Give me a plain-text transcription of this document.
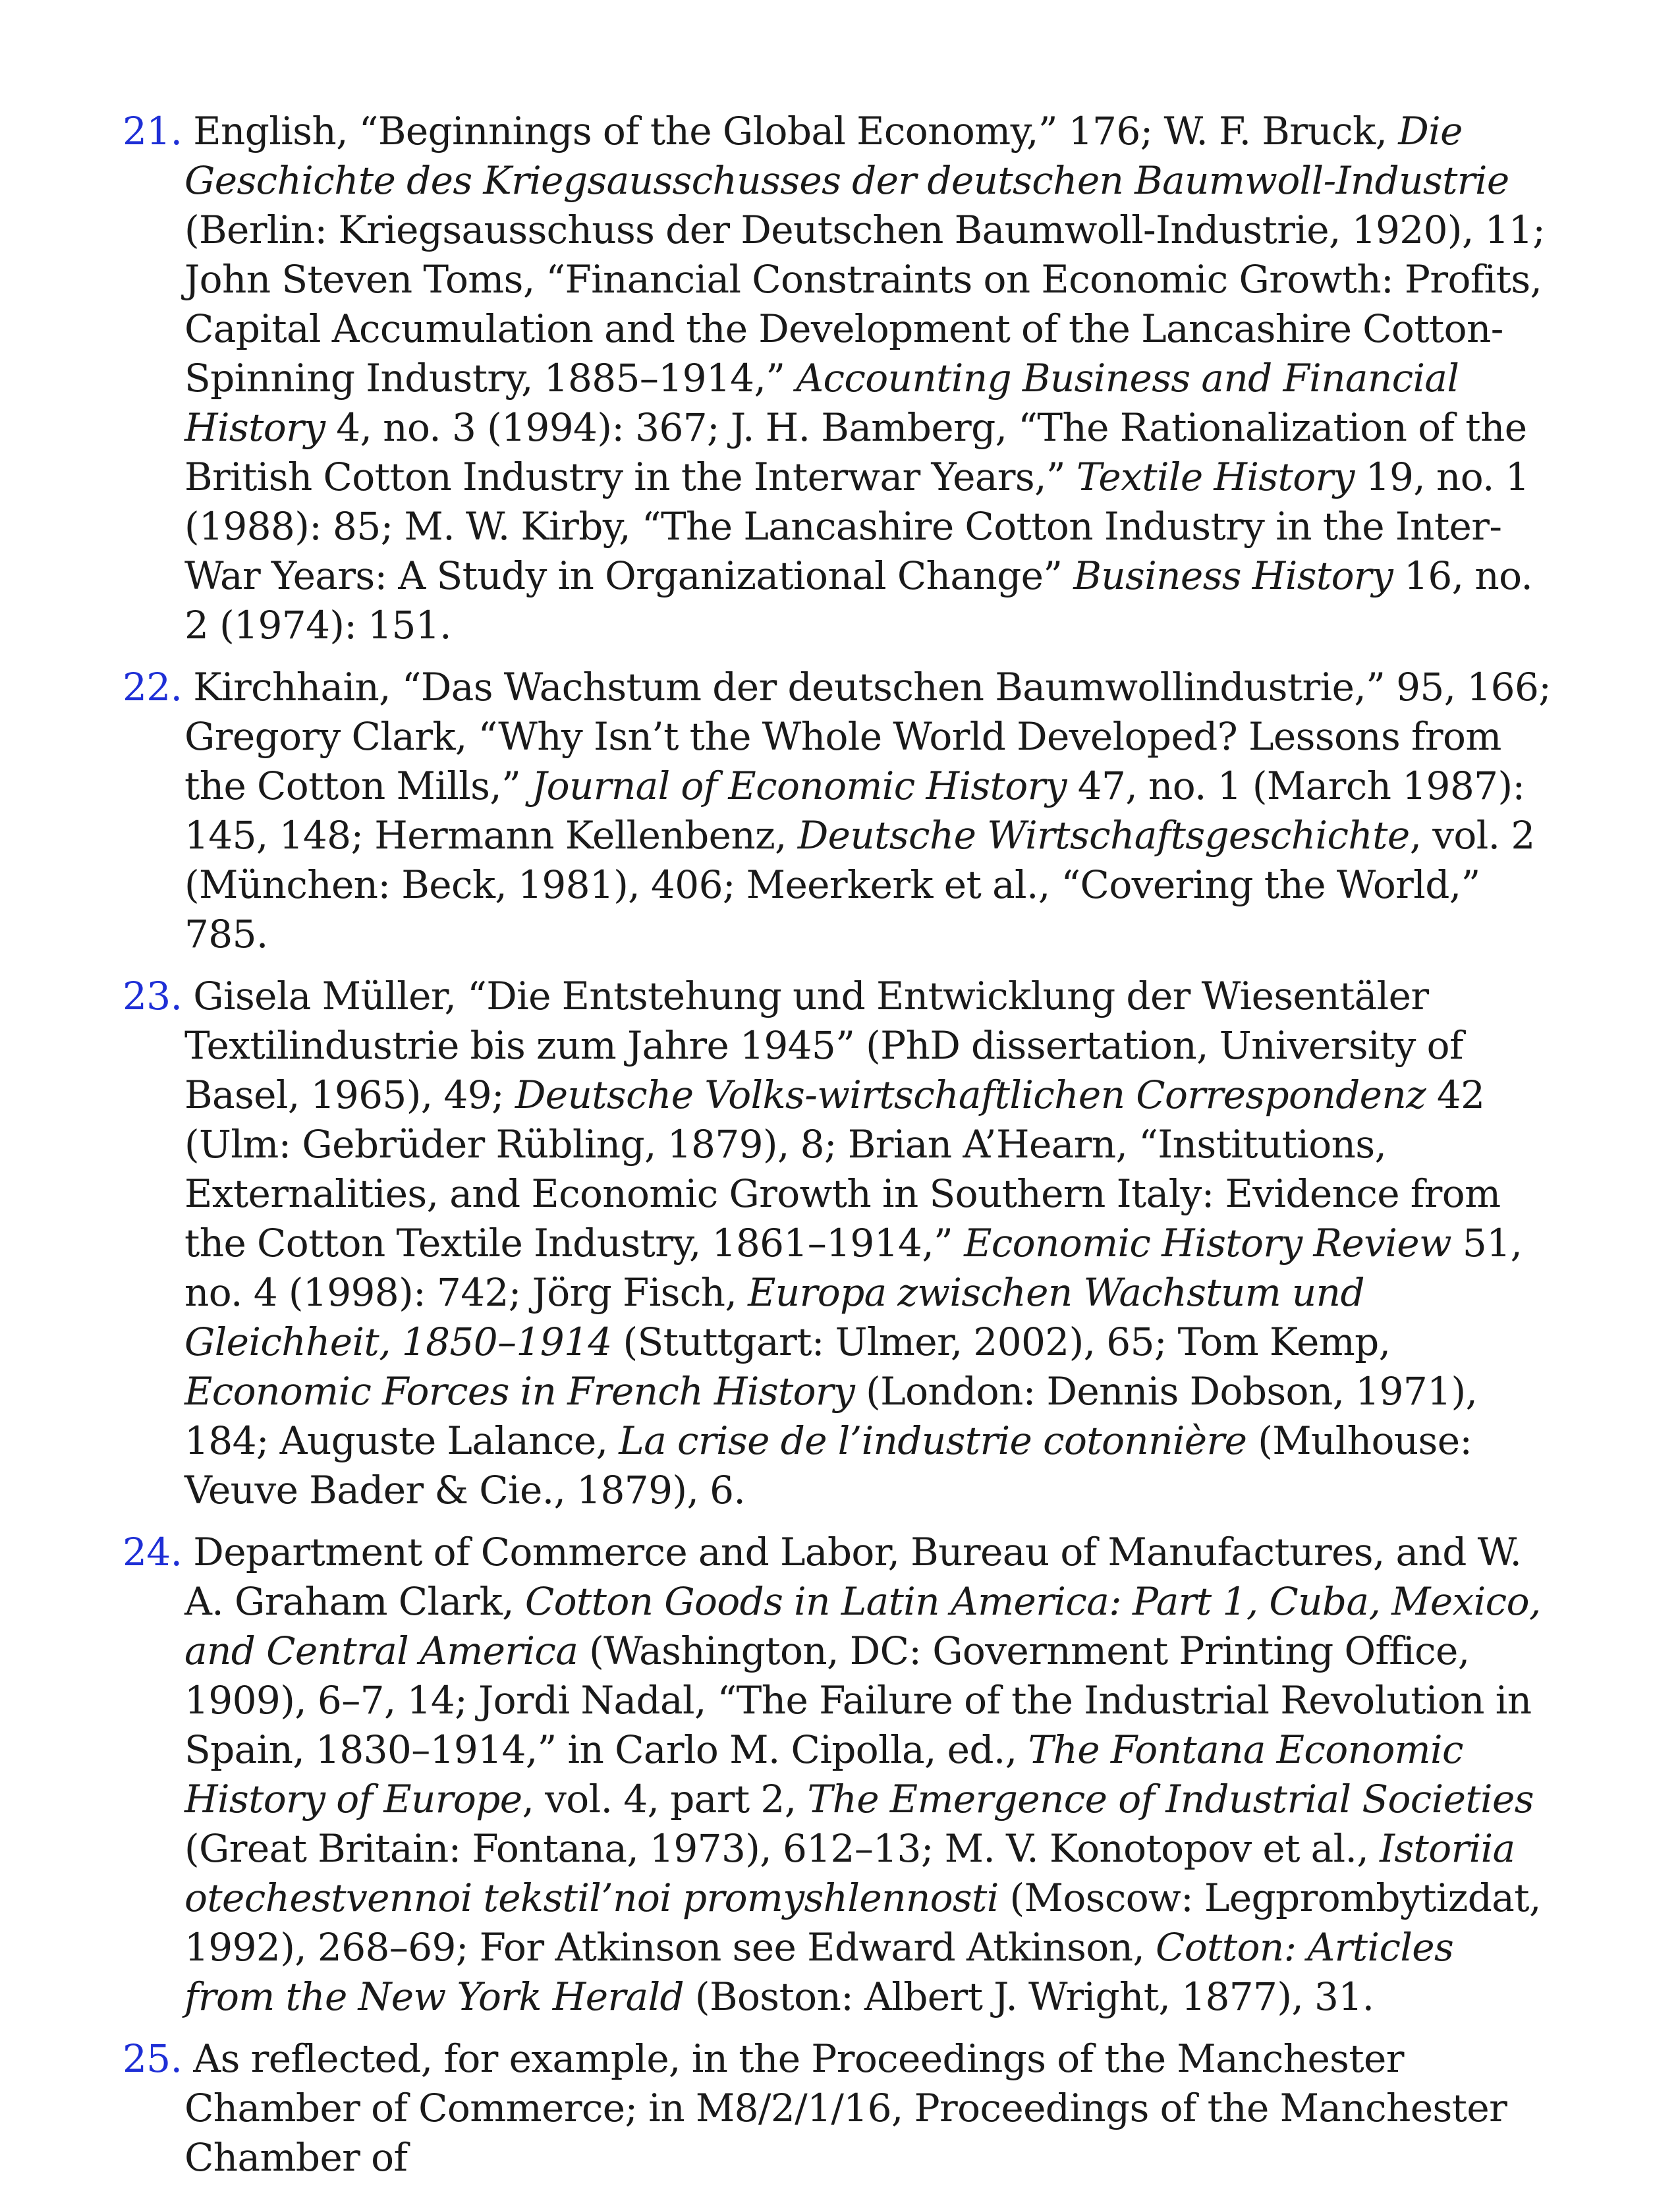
21. English, “Beginnings of the Global Economy,” 176; W. F. Bruck, Die Geschichte des Kriegsausschusses der deutschen Baumwoll-Industrie (Berlin: Kriegsausschuss der Deutschen Baumwoll-Industrie, 1920), 11; John Steven Toms, “Financial Constraints on Economic Growth: Profits, Capital Accumulation and the Development of the Lancashire Cotton-Spinning Industry, 1885–1914,” Accounting Business and Financial History 4, no. 3 (1994): 367; J. H. Bamberg, “The Rationalization of the British Cotton Industry in the Interwar Years,” Textile History 19, no. 1 (1988): 85; M. W. Kirby, “The Lancashire Cotton Industry in the Inter-War Years: A Study in Organizational Change” Business History 16, no. 2 (1974): 151.
22. Kirchhain, “Das Wachstum der deutschen Baumwollindustrie,” 95, 166; Gregory Clark, “Why Isn’t the Whole World Developed? Lessons from the Cotton Mills,” Journal of Economic History 47, no. 1 (March 1987): 145, 148; Hermann Kellenbenz, Deutsche Wirtschaftsgeschichte, vol. 2 (München: Beck, 1981), 406; Meerkerk et al., “Covering the World,” 785.
23. Gisela Müller, “Die Entstehung und Entwicklung der Wiesentäler Textilindustrie bis zum Jahre 1945” (PhD dissertation, University of Basel, 1965), 49; Deutsche Volks-wirtschaftlichen Correspondenz 42 (Ulm: Gebrüder Rübling, 1879), 8; Brian A’Hearn, “Institutions, Externalities, and Economic Growth in Southern Italy: Evidence from the Cotton Textile Industry, 1861–1914,” Economic History Review 51, no. 4 (1998): 742; Jörg Fisch, Europa zwischen Wachstum und Gleichheit, 1850–1914 (Stuttgart: Ulmer, 2002), 65; Tom Kemp, Economic Forces in French History (London: Dennis Dobson, 1971), 184; Auguste Lalance, La crise de l’industrie cotonnière (Mulhouse: Veuve Bader & Cie., 1879), 6.
24. Department of Commerce and Labor, Bureau of Manufactures, and W. A. Graham Clark, Cotton Goods in Latin America: Part 1, Cuba, Mexico, and Central America (Washington, DC: Government Printing Office, 1909), 6–7, 14; Jordi Nadal, “The Failure of the Industrial Revolution in Spain, 1830–1914,” in Carlo M. Cipolla, ed., The Fontana Economic History of Europe, vol. 4, part 2, The Emergence of Industrial Societies (Great Britain: Fontana, 1973), 612–13; M. V. Konotopov et al., Istoriia otechestvennoi tekstil’noi promyshlennosti (Moscow: Legprombytizdat, 1992), 268–69; For Atkinson see Edward Atkinson, Cotton: Articles from the New York Herald (Boston: Albert J. Wright, 1877), 31.
25. As reflected, for example, in the Proceedings of the Manchester Chamber of Commerce; in M8/2/1/16, Proceedings of the Manchester Chamber of
